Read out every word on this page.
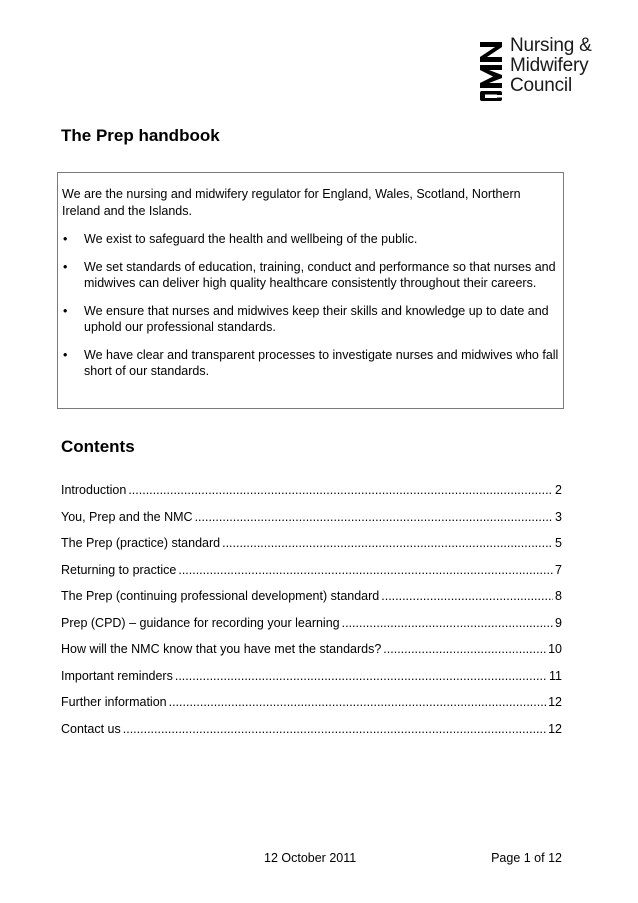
Nursing &
Midwifery
Council
The Prep handbook

We are the nursing and midwifery regulator for England, Wales, Scotland, Northern Ireland and the Islands.

• We exist to safeguard the health and wellbeing of the public.
• We set standards of education, training, conduct and performance so that nurses and midwives can deliver high quality healthcare consistently throughout their careers.
• We ensure that nurses and midwives keep their skills and knowledge up to date and uphold our professional standards.
• We have clear and transparent processes to investigate nurses and midwives who fall short of our standards.
Contents
Introduction .....	2
You, Prep and the NMC .....	3
The Prep (practice) standard .....	5
Returning to practice .....	7
The Prep (continuing professional development) standard .....	8
Prep (CPD) – guidance for recording your learning .....	9
How will the NMC know that you have met the standards? .....	10
Important reminders .....	11
Further information .....	12
Contact us .....	12
12 October 2011	Page 1 of 12
